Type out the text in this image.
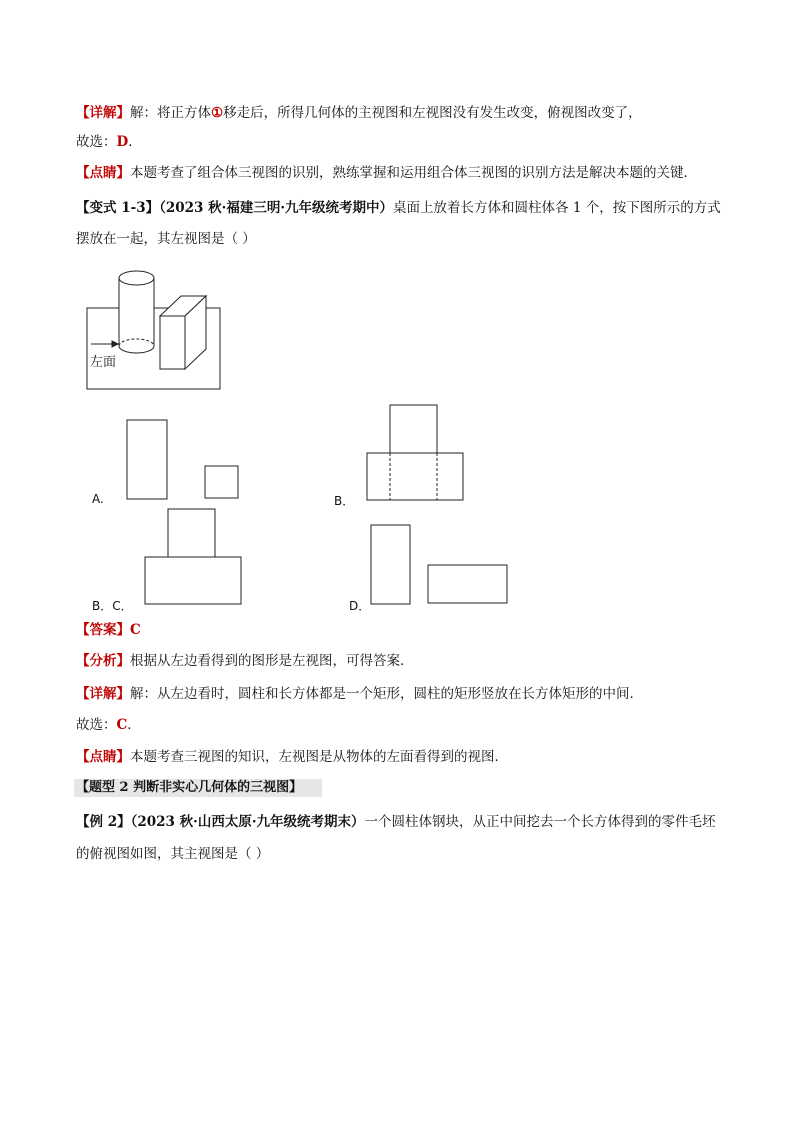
【详解】解：将正方体①移走后，所得几何体的主视图和左视图没有发生改变，俯视图改变了，
故选：D．
【点睛】本题考查了组合体三视图的识别，熟练掌握和运用组合体三视图的识别方法是解决本题的关键．
【变式 1-3】（2023 秋·福建三明·九年级统考期中）桌面上放着长方体和圆柱体各 1 个，按下图所示的方式
摆放在一起，其左视图是（ ）
左面
A.	B．
B．C．	D．
【答案】C
【分析】根据从左边看得到的图形是左视图，可得答案．
【详解】解：从左边看时，圆柱和长方体都是一个矩形，圆柱的矩形竖放在长方体矩形的中间．
故选：C．
【点睛】本题考查三视图的知识，左视图是从物体的左面看得到的视图．
【题型 2 判断非实心几何体的三视图】
【例 2】（2023 秋·山西太原·九年级统考期末）一个圆柱体钢块，从正中间挖去一个长方体得到的零件毛坯
的俯视图如图，其主视图是（ ）
